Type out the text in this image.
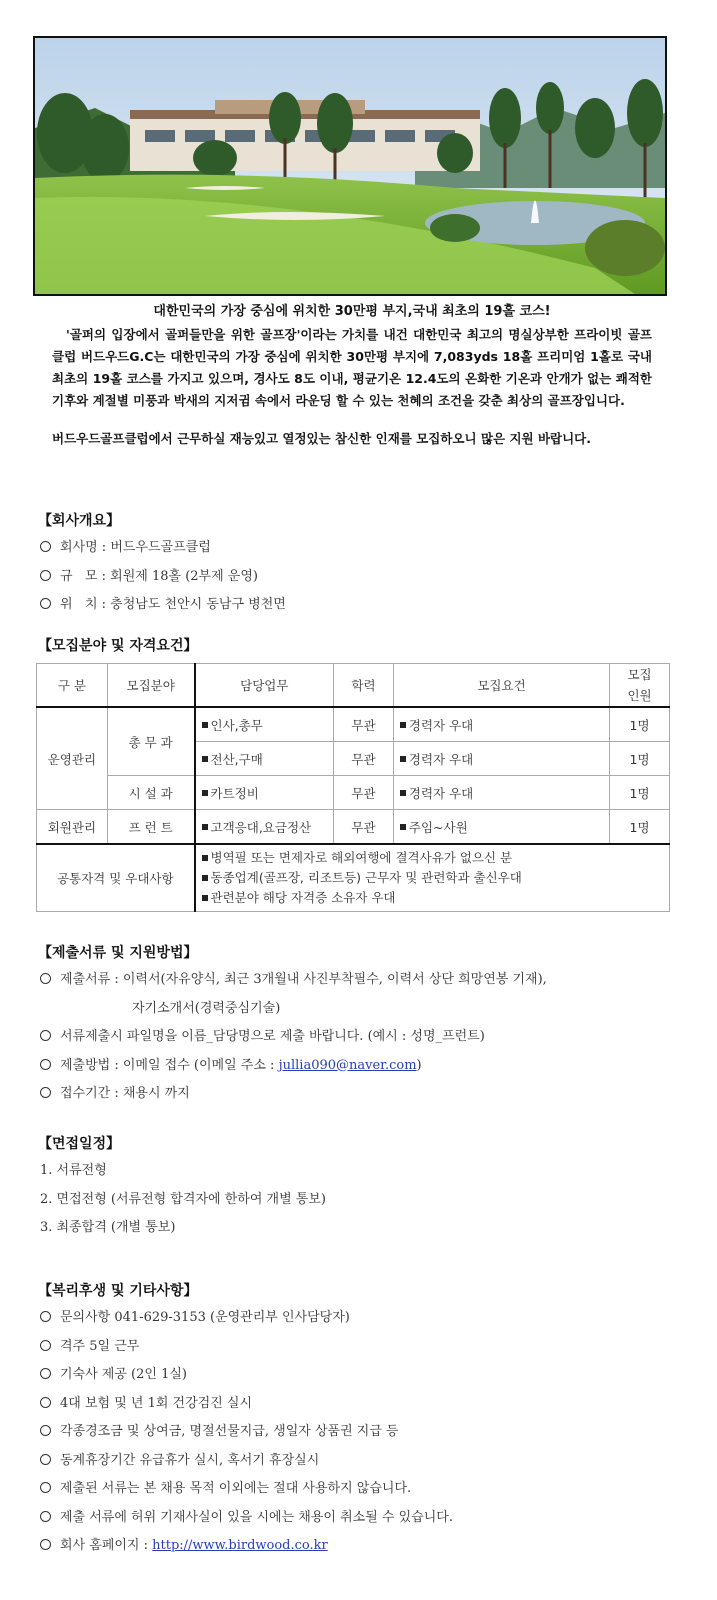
대한민국의 가장 중심에 위치한 30만평 부지,국내 최초의 19홀 코스!
'골퍼의 입장에서 골퍼들만을 위한 골프장'이라는 가치를 내건 대한민국 최고의 명실상부한 프라이빗 골프클럽 버드우드G.C는 대한민국의 가장 중심에 위치한 30만평 부지에 7,083yds 18홀 프리미엄 1홀로 국내 최초의 19홀 코스를 가지고 있으며, 경사도 8도 이내, 평균기온 12.4도의 온화한 기온과 안개가 없는 쾌적한 기후와 계절별 미풍과 박새의 지저귐 속에서 라운딩 할 수 있는 천혜의 조건을 갖춘 최상의 골프장입니다.
버드우드골프클럽에서 근무하실 재능있고 열정있는 참신한 인재를 모집하오니 많은 지원 바랍니다.
【회사개요】
회사명 : 버드우드골프클럽
규   모 : 회원제 18홀 (2부제 운영)
위   치 : 충청남도 천안시 동남구 병천면
【모집분야 및 자격요건】
구 분	모집분야	담당업무	학력	모집요건	모집
인원
운영관리	총 무 과	인사,총무	무관	경력자 우대	1명
		전산,구매	무관	경력자 우대	1명
	시 설 과	카트정비	무관	경력자 우대	1명
회원관리	프 런 트	고객응대,요금정산	무관	주임~사원	1명
공통자격 및 우대사항		병역필 또는 면제자로 해외여행에 결격사유가 없으신 분
동종업계(골프장, 리조트등) 근무자 및 관련학과 출신우대
관련분야 해당 자격증 소유자 우대			
【제출서류 및 지원방법】
제출서류 : 이력서(자유양식, 최근 3개월내 사진부착필수, 이력서 상단 희망연봉 기재),
자기소개서(경력중심기술)
서류제출시 파일명을 이름_담당명으로 제출 바랍니다. (예시 : 성명_프런트)
제출방법 : 이메일 접수 (이메일 주소 : jullia090@naver.com)
접수기간 : 채용시 까지
【면접일정】
1. 서류전형
2. 면접전형 (서류전형 합격자에 한하여 개별 통보)
3. 최종합격 (개별 통보)
【복리후생 및 기타사항】
문의사항 041-629-3153 (운영관리부 인사담당자)
격주 5일 근무
기숙사 제공 (2인 1실)
4대 보험 및 년 1회 건강검진 실시
각종경조금 및 상여금, 명절선물지급, 생일자 상품권 지급 등
동계휴장기간 유급휴가 실시, 혹서기 휴장실시
제출된 서류는 본 채용 목적 이외에는 절대 사용하지 않습니다.
제출 서류에 허위 기재사실이 있을 시에는 채용이 취소될 수 있습니다.
회사 홈페이지 : http://www.birdwood.co.kr
